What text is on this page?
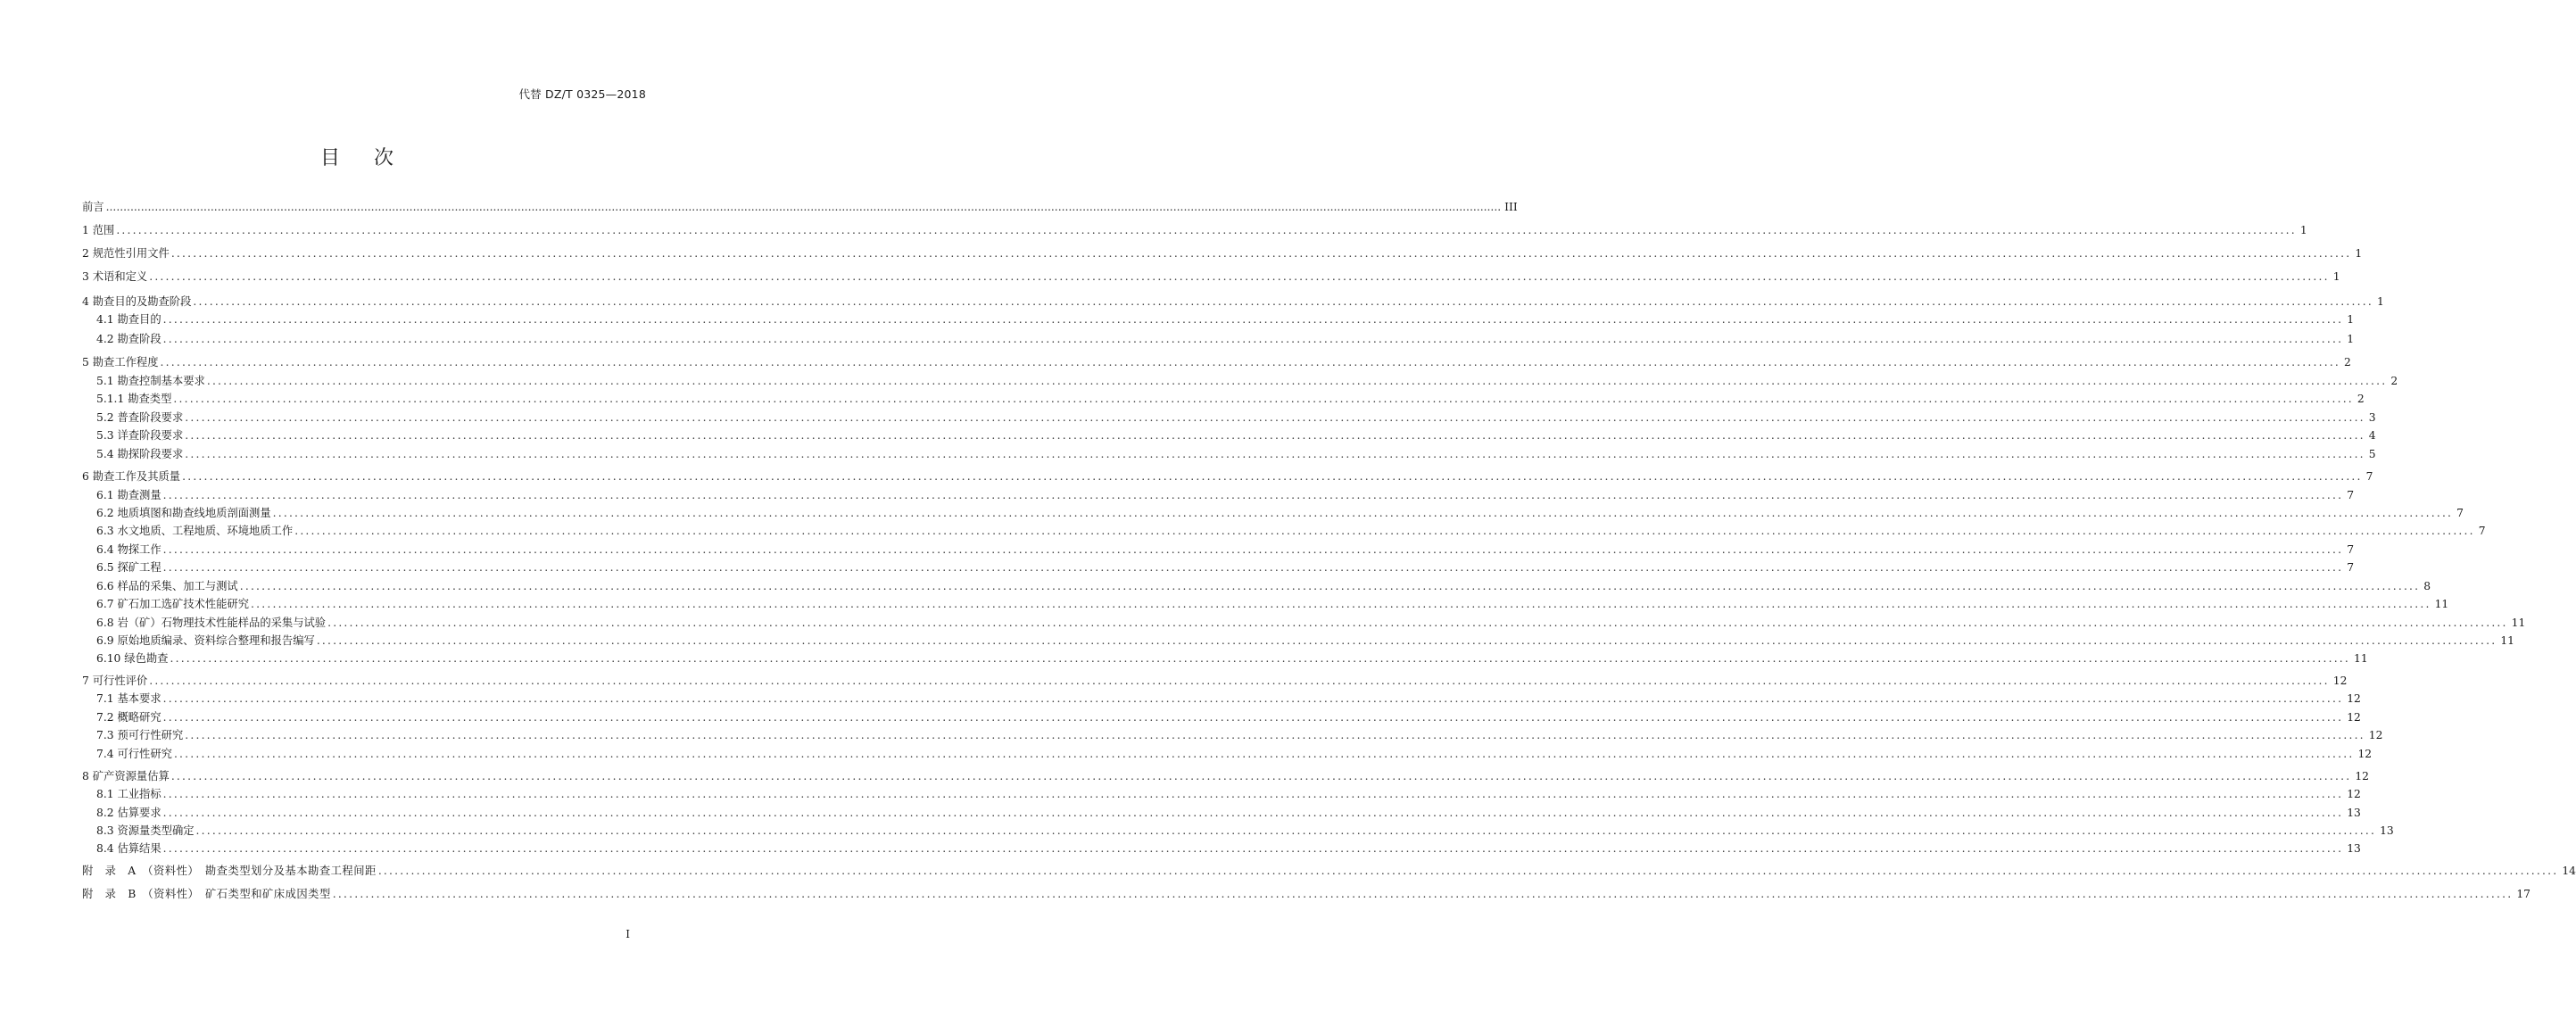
代替 DZ/T 0325—2018
目次
前言 ................................................................................................................................................................................................................................................................................................................................................................................................................ III
1 范围 ................................................................................................................................................................................................................................................................................................................................................................................................................ 1
2 规范性引用文件 ................................................................................................................................................................................................................................................................................................................................................................................................................ 1
3 术语和定义 ................................................................................................................................................................................................................................................................................................................................................................................................................ 1
4 勘查目的及勘查阶段 ................................................................................................................................................................................................................................................................................................................................................................................................................ 1
4.1 勘查目的 ................................................................................................................................................................................................................................................................................................................................................................................................................ 1
4.2 勘查阶段 ................................................................................................................................................................................................................................................................................................................................................................................................................ 1
5 勘查工作程度 ................................................................................................................................................................................................................................................................................................................................................................................................................ 2
5.1 勘查控制基本要求 ................................................................................................................................................................................................................................................................................................................................................................................................................ 2
5.1.1 勘查类型 ................................................................................................................................................................................................................................................................................................................................................................................................................ 2
5.2 普查阶段要求 ................................................................................................................................................................................................................................................................................................................................................................................................................ 3
5.3 详查阶段要求 ................................................................................................................................................................................................................................................................................................................................................................................................................ 4
5.4 勘探阶段要求 ................................................................................................................................................................................................................................................................................................................................................................................................................ 5
6 勘查工作及其质量 ................................................................................................................................................................................................................................................................................................................................................................................................................ 7
6.1 勘查测量 ................................................................................................................................................................................................................................................................................................................................................................................................................ 7
6.2 地质填图和勘查线地质剖面测量 ................................................................................................................................................................................................................................................................................................................................................................................................................ 7
6.3 水文地质、工程地质、环境地质工作 ................................................................................................................................................................................................................................................................................................................................................................................................................ 7
6.4 物探工作 ................................................................................................................................................................................................................................................................................................................................................................................................................ 7
6.5 探矿工程 ................................................................................................................................................................................................................................................................................................................................................................................................................ 7
6.6 样品的采集、加工与测试 ................................................................................................................................................................................................................................................................................................................................................................................................................ 8
6.7 矿石加工选矿技术性能研究 ................................................................................................................................................................................................................................................................................................................................................................................................................ 11
6.8 岩（矿）石物理技术性能样品的采集与试验 ................................................................................................................................................................................................................................................................................................................................................................................................................ 11
6.9 原始地质编录、资料综合整理和报告编写 ................................................................................................................................................................................................................................................................................................................................................................................................................ 11
6.10 绿色勘查 ................................................................................................................................................................................................................................................................................................................................................................................................................ 11
7 可行性评价 ................................................................................................................................................................................................................................................................................................................................................................................................................ 12
7.1 基本要求 ................................................................................................................................................................................................................................................................................................................................................................................................................ 12
7.2 概略研究 ................................................................................................................................................................................................................................................................................................................................................................................................................ 12
7.3 预可行性研究 ................................................................................................................................................................................................................................................................................................................................................................................................................ 12
7.4 可行性研究 ................................................................................................................................................................................................................................................................................................................................................................................................................ 12
8 矿产资源量估算 ................................................................................................................................................................................................................................................................................................................................................................................................................ 12
8.1 工业指标 ................................................................................................................................................................................................................................................................................................................................................................................................................ 12
8.2 估算要求 ................................................................................................................................................................................................................................................................................................................................................................................................................ 13
8.3 资源量类型确定 ................................................................................................................................................................................................................................................................................................................................................................................................................ 13
8.4 估算结果 ................................................................................................................................................................................................................................................................................................................................................................................................................ 13
附　录　A　（资料性）　勘查类型划分及基本勘查工程间距 ................................................................................................................................................................................................................................................................................................................................................................................................................ 14
附　录　B　（资料性）　矿石类型和矿床成因类型 ................................................................................................................................................................................................................................................................................................................................................................................................................ 17
I
